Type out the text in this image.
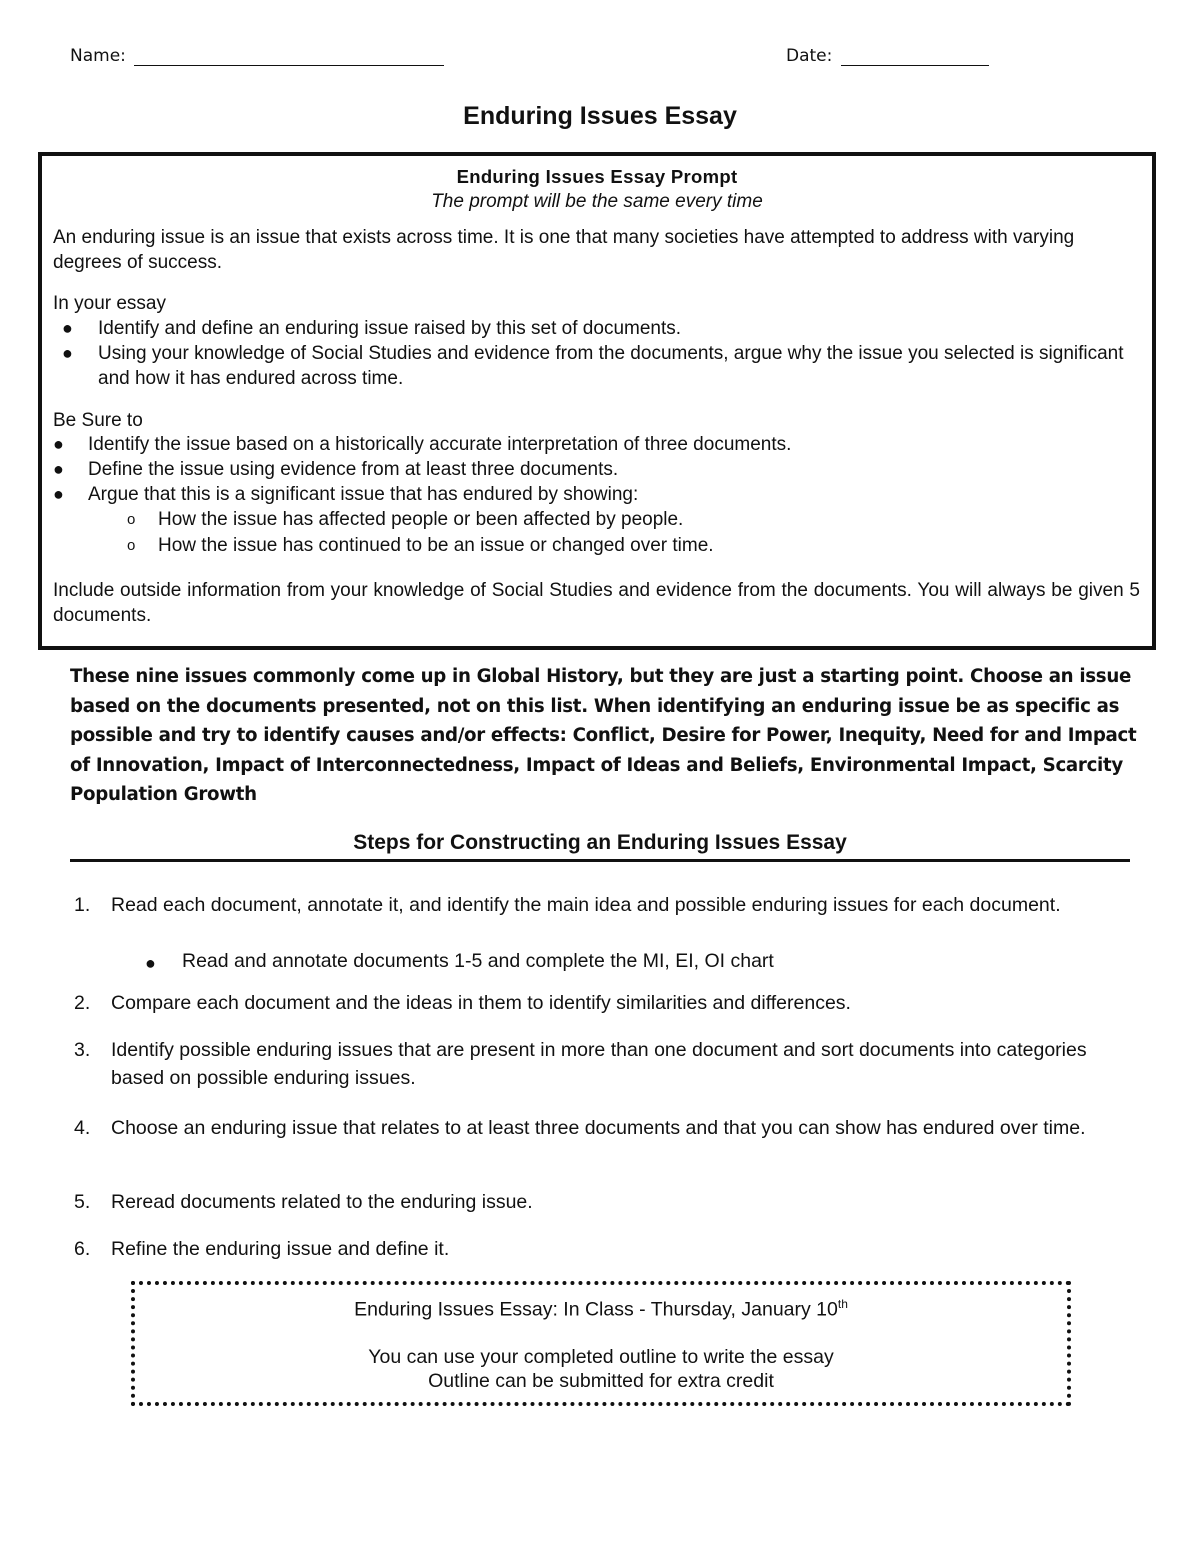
Name:	Date:
Enduring Issues Essay
Enduring Issues Essay Prompt
The prompt will be the same every time
An enduring issue is an issue that exists across time. It is one that many societies have attempted to address with varying degrees of success.
In your essay
● Identify and define an enduring issue raised by this set of documents.
● Using your knowledge of Social Studies and evidence from the documents, argue why the issue you selected is significant and how it has endured across time.
Be Sure to
● Identify the issue based on a historically accurate interpretation of three documents.
● Define the issue using evidence from at least three documents.
● Argue that this is a significant issue that has endured by showing:
o How the issue has affected people or been affected by people.
o How the issue has continued to be an issue or changed over time.
Include outside information from your knowledge of Social Studies and evidence from the documents. You will always be given 5 documents.
These nine issues commonly come up in Global History, but they are just a starting point. Choose an issue based on the documents presented, not on this list. When identifying an enduring issue be as specific as possible and try to identify causes and/or effects: Conflict, Desire for Power, Inequity, Need for and Impact of Innovation, Impact of Interconnectedness, Impact of Ideas and Beliefs, Environmental Impact, Scarcity Population Growth
Steps for Constructing an Enduring Issues Essay
1. Read each document, annotate it, and identify the main idea and possible enduring issues for each document.
● Read and annotate documents 1-5 and complete the MI, EI, OI chart
2. Compare each document and the ideas in them to identify similarities and differences.
3. Identify possible enduring issues that are present in more than one document and sort documents into categories based on possible enduring issues.
4. Choose an enduring issue that relates to at least three documents and that you can show has endured over time.
5. Reread documents related to the enduring issue.
6. Refine the enduring issue and define it.
Enduring Issues Essay: In Class - Thursday, January 10th
You can use your completed outline to write the essay
Outline can be submitted for extra credit
